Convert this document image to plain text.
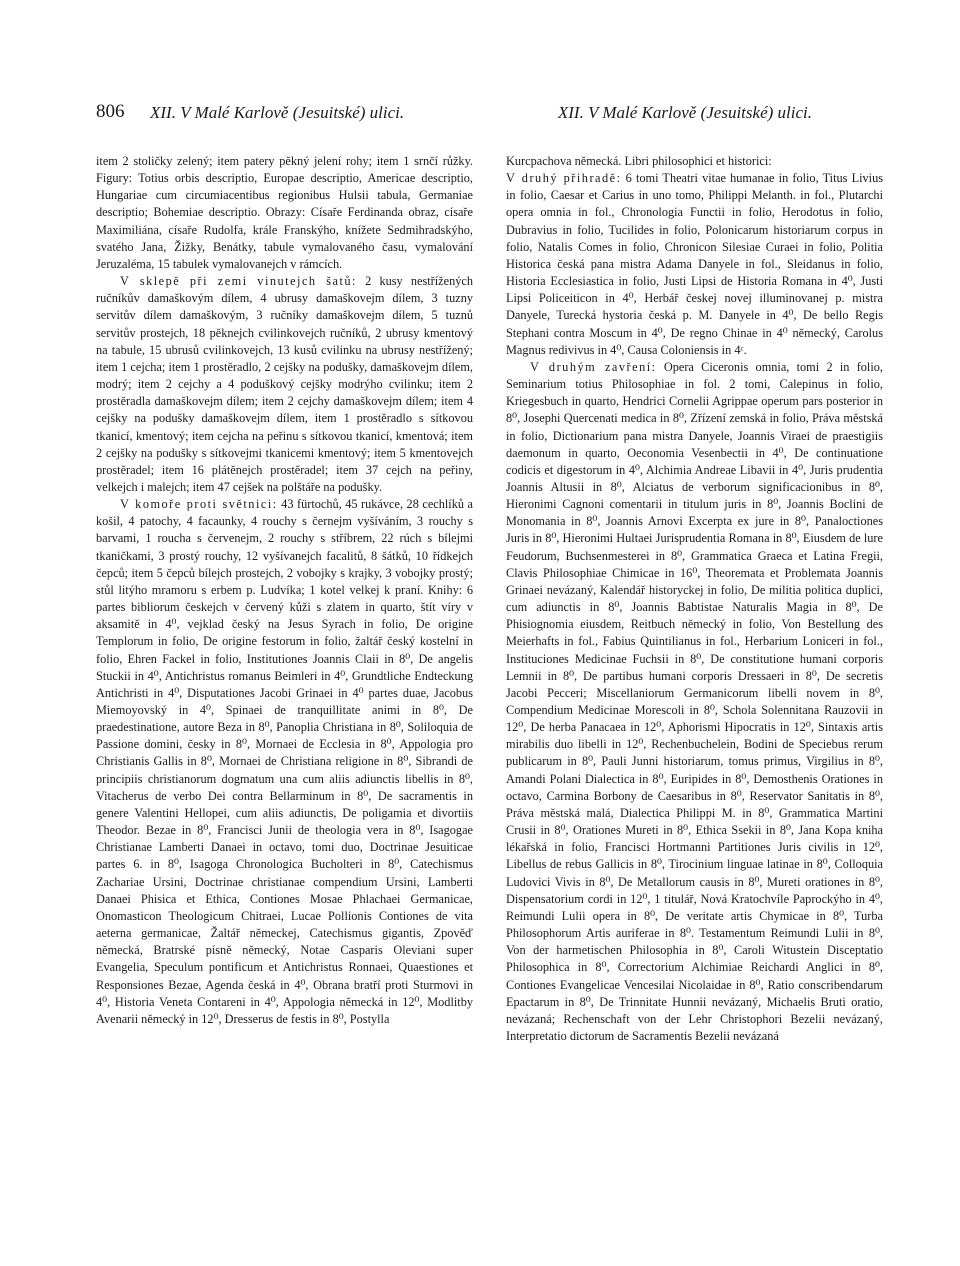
806 XII. V Malé Karlově (Jesuitské) ulici.	XII. V Malé Karlově (Jesuitské) ulici.

item 2 stoličky zelený; item patery pěkný jelení rohy; item 1 srnčí růžky. Figury: Totius orbis descriptio, Europae descriptio, Americae descriptio, Hungariae cum circumiacentibus regionibus Hulsii tabula, Germaniae descriptio; Bohemiae descriptio. Obrazy: Císaře Ferdinanda obraz, císaře Maximiliána, císaře Rudolfa, krále Franskýho, knížete Sedmihradskýho, svatého Jana, Žižky, Benátky, tabule vymalovaného času, vymalování Jeruzaléma, 15 tabulek vymalovanejch v rámcích.

V sklepě při zemi vinutejch šatů: 2 kusy nestřížených ručníkův damaškovým dílem, 4 ubrusy damaškovejm dílem, 3 tuzny servitův dílem damaškovým, 3 ručníky damaškovejm dílem, 5 tuznů servitův prostejch, 18 pěknejch cvilinkovejch ručníků, 2 ubrusy kmentový na tabule, 15 ubrusů cvilinkovejch, 13 kusů cvilinku na ubrusy nestřížený; item 1 cejcha; item 1 prostěradlo, 2 cejšky na podušky, damaškovejm dílem, modrý; item 2 cejchy a 4 poduškový cejšky modrýho cvilinku; item 2 prostěradla damaškovejm dílem; item 2 cejchy damaškovejm dílem; item 4 cejšky na podušky damaškovejm dílem, item 1 prostěradlo s sítkovou tkanicí, kmentový; item cejcha na peřinu s sítkovou tkanicí, kmentová; item 2 cejšky na podušky s sítkovejmi tkanicemi kmentový; item 5 kmentovejch prostěradel; item 16 plátěnejch prostěradel; item 37 cejch na peřiny, velkejch i malejch; item 47 cejšek na polštáře na podušky.

V komoře proti světnici: 43 fürtochů, 45 rukávce, 28 cechlíků a košil, 4 patochy, 4 facaunky, 4 rouchy s černejm vyšíváním, 3 rouchy s barvami, 1 roucha s červenejm, 2 rouchy s stříbrem, 22 rúch s bílejmi tkaničkami, 3 prostý rouchy, 12 vyšívanejch facalitů, 8 šátků, 10 řídkejch čepců; item 5 čepců bílejch prostejch, 2 vobojky s krajky, 3 vobojky prostý; stůl litýho mramoru s erbem p. Ludvíka; 1 kotel velkej k praní. Knihy: 6 partes bibliorum českejch v červený kůži s zlatem in quarto, štít víry v aksamitě in 4⁰, vejklad český na Jesus Syrach in folio, De origine Templorum in folio, De origine festorum in folio, žaltář český kostelní in folio, Ehren Fackel in folio, Institutiones Joannis Claii in 8⁰, De angelis Stuckii in 4⁰, Antichristus romanus Beimleri in 4⁰, Grundtliche Endteckung Antichristi in 4⁰, Disputationes Jacobi Grinaei in 4⁰ partes duae, Jacobus Miemoyovský in 4⁰, Spinaei de tranquillitate animi in 8⁰, De praedestinatione, autore Beza in 8⁰, Panoplia Christiana in 8⁰, Soliloquia de Passione domini, česky in 8⁰, Mornaei de Ecclesia in 8⁰, Appologia pro Christianis Gallis in 8⁰, Mornaei de Christiana religione in 8⁰, Sibrandi de principiis christianorum dogmatum una cum aliis adiunctis libellis in 8⁰, Vitacherus de verbo Dei contra Bellarminum in 8⁰, De sacramentis in genere Valentini Hellopei, cum aliis adiunctis, De poligamia et divortiis Theodor. Bezae in 8⁰, Francisci Junii de theologia vera in 8⁰, Isagogae Christianae Lamberti Danaei in octavo, tomi duo, Doctrinae Jesuiticae partes 6. in 8⁰, Isagoga Chronologica Bucholteri in 8⁰, Catechismus Zachariae Ursini, Doctrinae christianae compendium Ursini, Lamberti Danaei Phisica et Ethica, Contiones Mosae Phlachaei Germanicae, Onomasticon Theologicum Chitraei, Lucae Pollionis Contiones de vita aeterna germanicae, Žaltář německej, Catechismus gigantis, Zpověď německá, Bratrské písně německý, Notae Casparis Oleviani super Evangelia, Speculum pontificum et Antichristus Ronnaei, Quaestiones et Responsiones Bezae, Agenda česká in 4⁰, Obrana bratří proti Sturmovi in 4⁰, Historia Veneta Contareni in 4⁰, Appologia německá in 12⁰, Modlitby Avenarii německý in 12⁰, Dresserus de festis in 8⁰, Postylla

Kurcpachova německá. Libri philosophici et historici:

V druhý přihradě: 6 tomi Theatri vitae humanae in folio, Titus Livius in folio, Caesar et Carius in uno tomo, Philippi Melanth. in fol., Plutarchi opera omnia in fol., Chronologia Functii in folio, Herodotus in folio, Dubravius in folio, Tucilides in folio, Polonicarum historiarum corpus in folio, Natalis Comes in folio, Chronicon Silesiae Curaei in folio, Politia Historica česká pana mistra Adama Danyele in fol., Sleidanus in folio, Historia Ecclesiastica in folio, Justi Lipsi de Historia Romana in 4⁰, Justi Lipsi Policeiticon in 4⁰, Herbář českej novej illuminovanej p. mistra Danyele, Turecká hystoria česká p. M. Danyele in 4⁰, De bello Regis Stephani contra Moscum in 4⁰, De regno Chinae in 4⁰ německý, Carolus Magnus redivivus in 4⁰, Causa Coloniensis in 4ᶜ.

V druhým zavření: Opera Ciceronis omnia, tomi 2 in folio, Seminarium totius Philosophiae in fol. 2 tomi, Calepinus in folio, Kriegesbuch in quarto, Hendrici Cornelii Agrippae operum pars posterior in 8⁰, Josephi Quercenati medica in 8⁰, Zřízení zemská in folio, Práva městská in folio, Dictionarium pana mistra Danyele, Joannis Viraei de praestigiis daemonum in quarto, Oeconomia Vesenbectii in 4⁰, De continuatione codicis et digestorum in 4⁰, Alchimia Andreae Libavii in 4⁰, Juris prudentia Joannis Altusii in 8⁰, Alciatus de verborum significacionibus in 8⁰, Hieronimi Cagnoni comentarii in titulum juris in 8⁰, Joannis Boclini de Monomania in 8⁰, Joannis Arnovi Excerpta ex jure in 8⁰, Panaloctiones Juris in 8⁰, Hieronimi Hultaei Jurisprudentia Romana in 8⁰, Eiusdem de lure Feudorum, Buchsenmesterei in 8⁰, Grammatica Graeca et Latina Fregii, Clavis Philosophiae Chimicae in 16⁰, Theoremata et Problemata Joannis Grinaei nevázaný, Kalendář historyckej in folio, De militia politica duplici, cum adiunctis in 8⁰, Joannis Babtistae Naturalis Magia in 8⁰, De Phisiognomia eiusdem, Reitbuch německý in folio, Von Bestellung des Meierhafts in fol., Fabius Quintilianus in fol., Herbarium Loniceri in fol., Instituciones Medicinae Fuchsii in 8⁰, De constitutione humani corporis Lemnii in 8⁰, De partibus humani corporis Dressaeri in 8⁰, De secretis Jacobi Pecceri; Miscellaniorum Germanicorum libelli novem in 8⁰, Compendium Medicinae Morescoli in 8⁰, Schola Solennitana Rauzovii in 12⁰, De herba Panacaea in 12⁰, Aphorismi Hipocratis in 12⁰, Sintaxis artis mirabilis duo libelli in 12⁰, Rechenbuchelein, Bodini de Speciebus rerum publicarum in 8⁰, Pauli Junni historiarum, tomus primus, Virgilius in 8⁰, Amandi Polani Dialectica in 8⁰, Euripides in 8⁰, Demosthenis Orationes in octavo, Carmina Borbony de Caesaribus in 8⁰, Reservator Sanitatis in 8⁰, Práva městská malá, Dialectica Philippi M. in 8⁰, Grammatica Martini Crusii in 8⁰, Orationes Mureti in 8⁰, Ethica Ssekii in 8⁰, Jana Kopa kniha lékařská in folio, Francisci Hortmanni Partitiones Juris civilis in 12⁰, Libellus de rebus Gallicis in 8⁰, Tirocinium linguae latinae in 8⁰, Colloquia Ludovici Vivis in 8⁰, De Metallorum causis in 8⁰, Mureti orationes in 8⁰, Dispensatorium cordi in 12⁰, 1 titulář, Nová Kratochvíle Paprockýho in 4⁰, Reimundi Lulii opera in 8⁰, De veritate artis Chymicae in 8⁰, Turba Philosophorum Artis auriferae in 8⁰. Testamentum Reimundi Lulii in 8⁰, Von der harmetischen Philosophia in 8⁰, Caroli Witustein Disceptatio Philosophica in 8⁰, Correctorium Alchimiae Reichardi Anglici in 8⁰, Contiones Evangelicae Vencesilai Nicolaidae in 8⁰, Ratio conscribendarum Epactarum in 8⁰, De Trinnitate Hunnii nevázaný, Michaelis Bruti oratio, nevázaná; Rechenschaft von der Lehr Christophori Bezelii nevázaný, Interpretatio dictorum de Sacramentis Bezelii nevázaná
